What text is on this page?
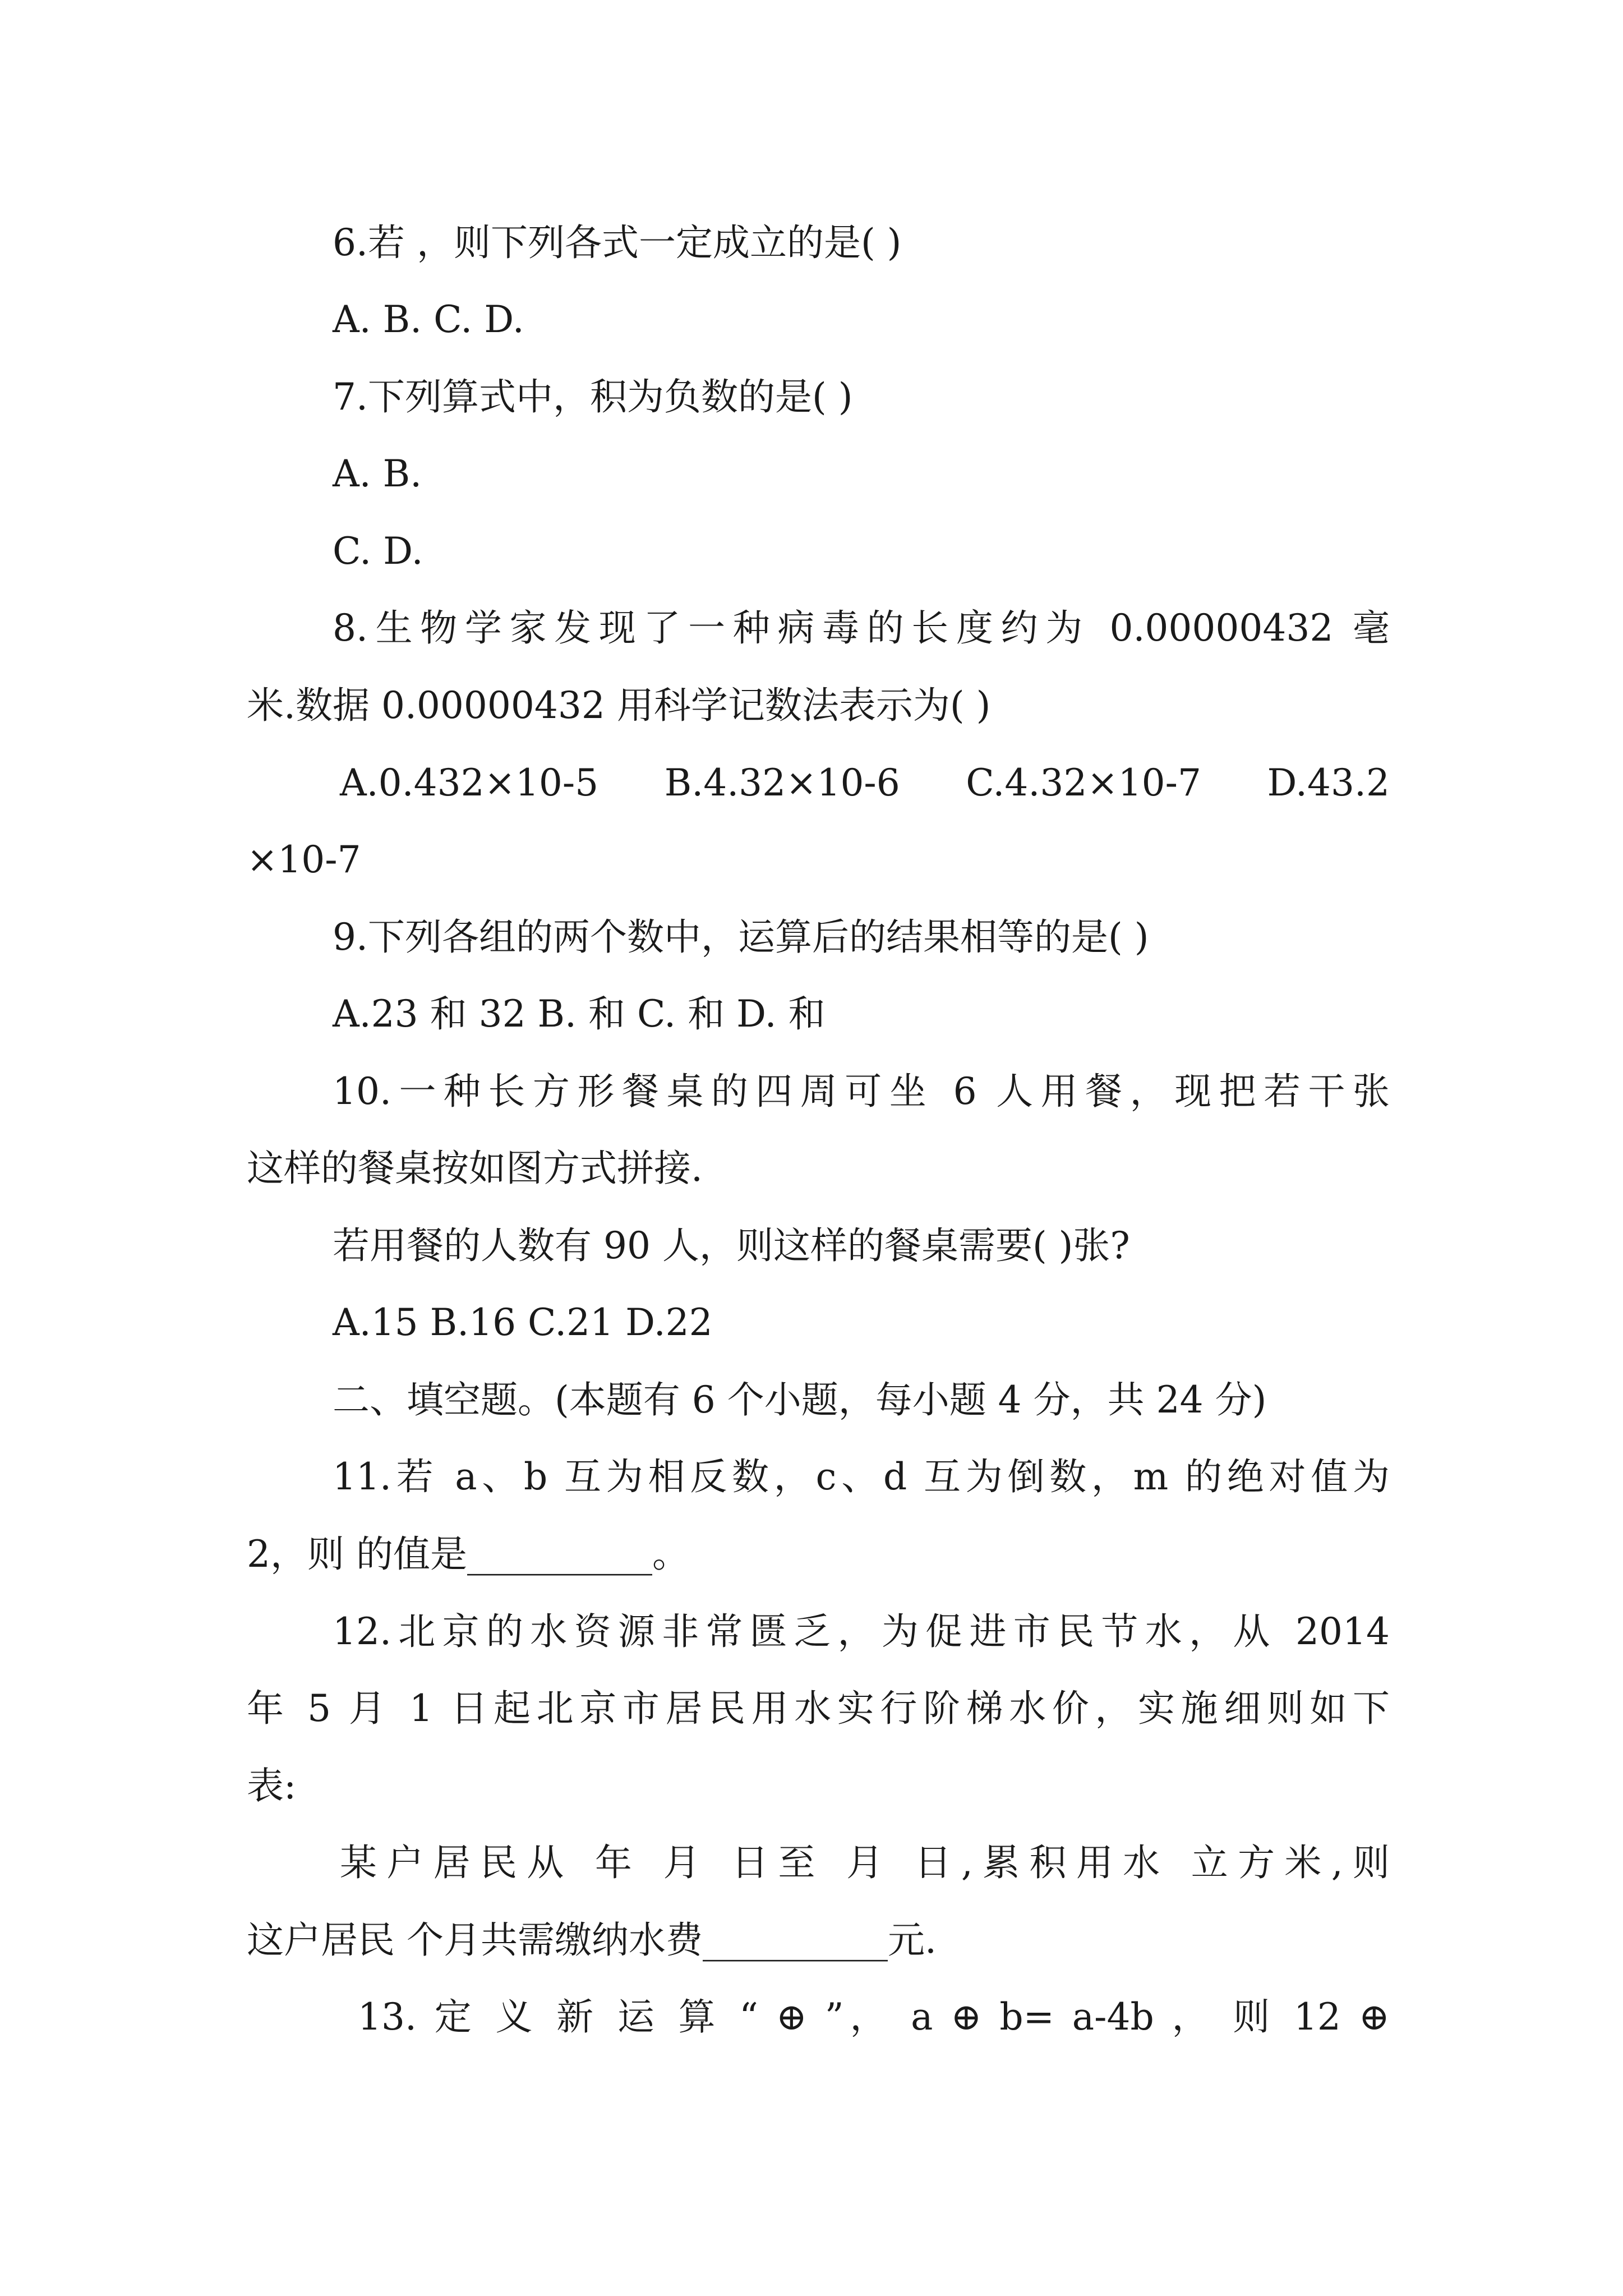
6.若 ，则下列各式一定成立的是( )

A. B. C. D.

7.下列算式中，积为负数的是( )

A. B.

C. D.

8.生物学家发现了一种病毒的长度约为 0.00000432 毫

米.数据 0.00000432 用科学记数法表示为( )

A.0.432×10-5 B.4.32×10-6 C.4.32×10-7 D.43.2

×10-7

9.下列各组的两个数中，运算后的结果相等的是( )

A.23 和 32 B. 和 C. 和 D. 和

10.一种长方形餐桌的四周可坐 6 人用餐，现把若干张

这样的餐桌按如图方式拼接.

若用餐的人数有 90 人，则这样的餐桌需要( )张?

A.15 B.16 C.21 D.22

二、填空题。(本题有 6 个小题，每小题 4 分，共 24 分)

11.若 a、b 互为相反数，c、d 互为倒数，m 的绝对值为

2，则 的值是__________。

12.北京的水资源非常匮乏，为促进市民节水，从 2014

年 5 月 1 日起北京市居民用水实行阶梯水价，实施细则如下

表:

某户居民从 年 月 日至 月 日,累积用水 立方米,则

这户居民 个月共需缴纳水费__________元.

13. 定 义 新 运 算 “ ⊕ ”， a ⊕ b= a-4b ， 则 12 ⊕
